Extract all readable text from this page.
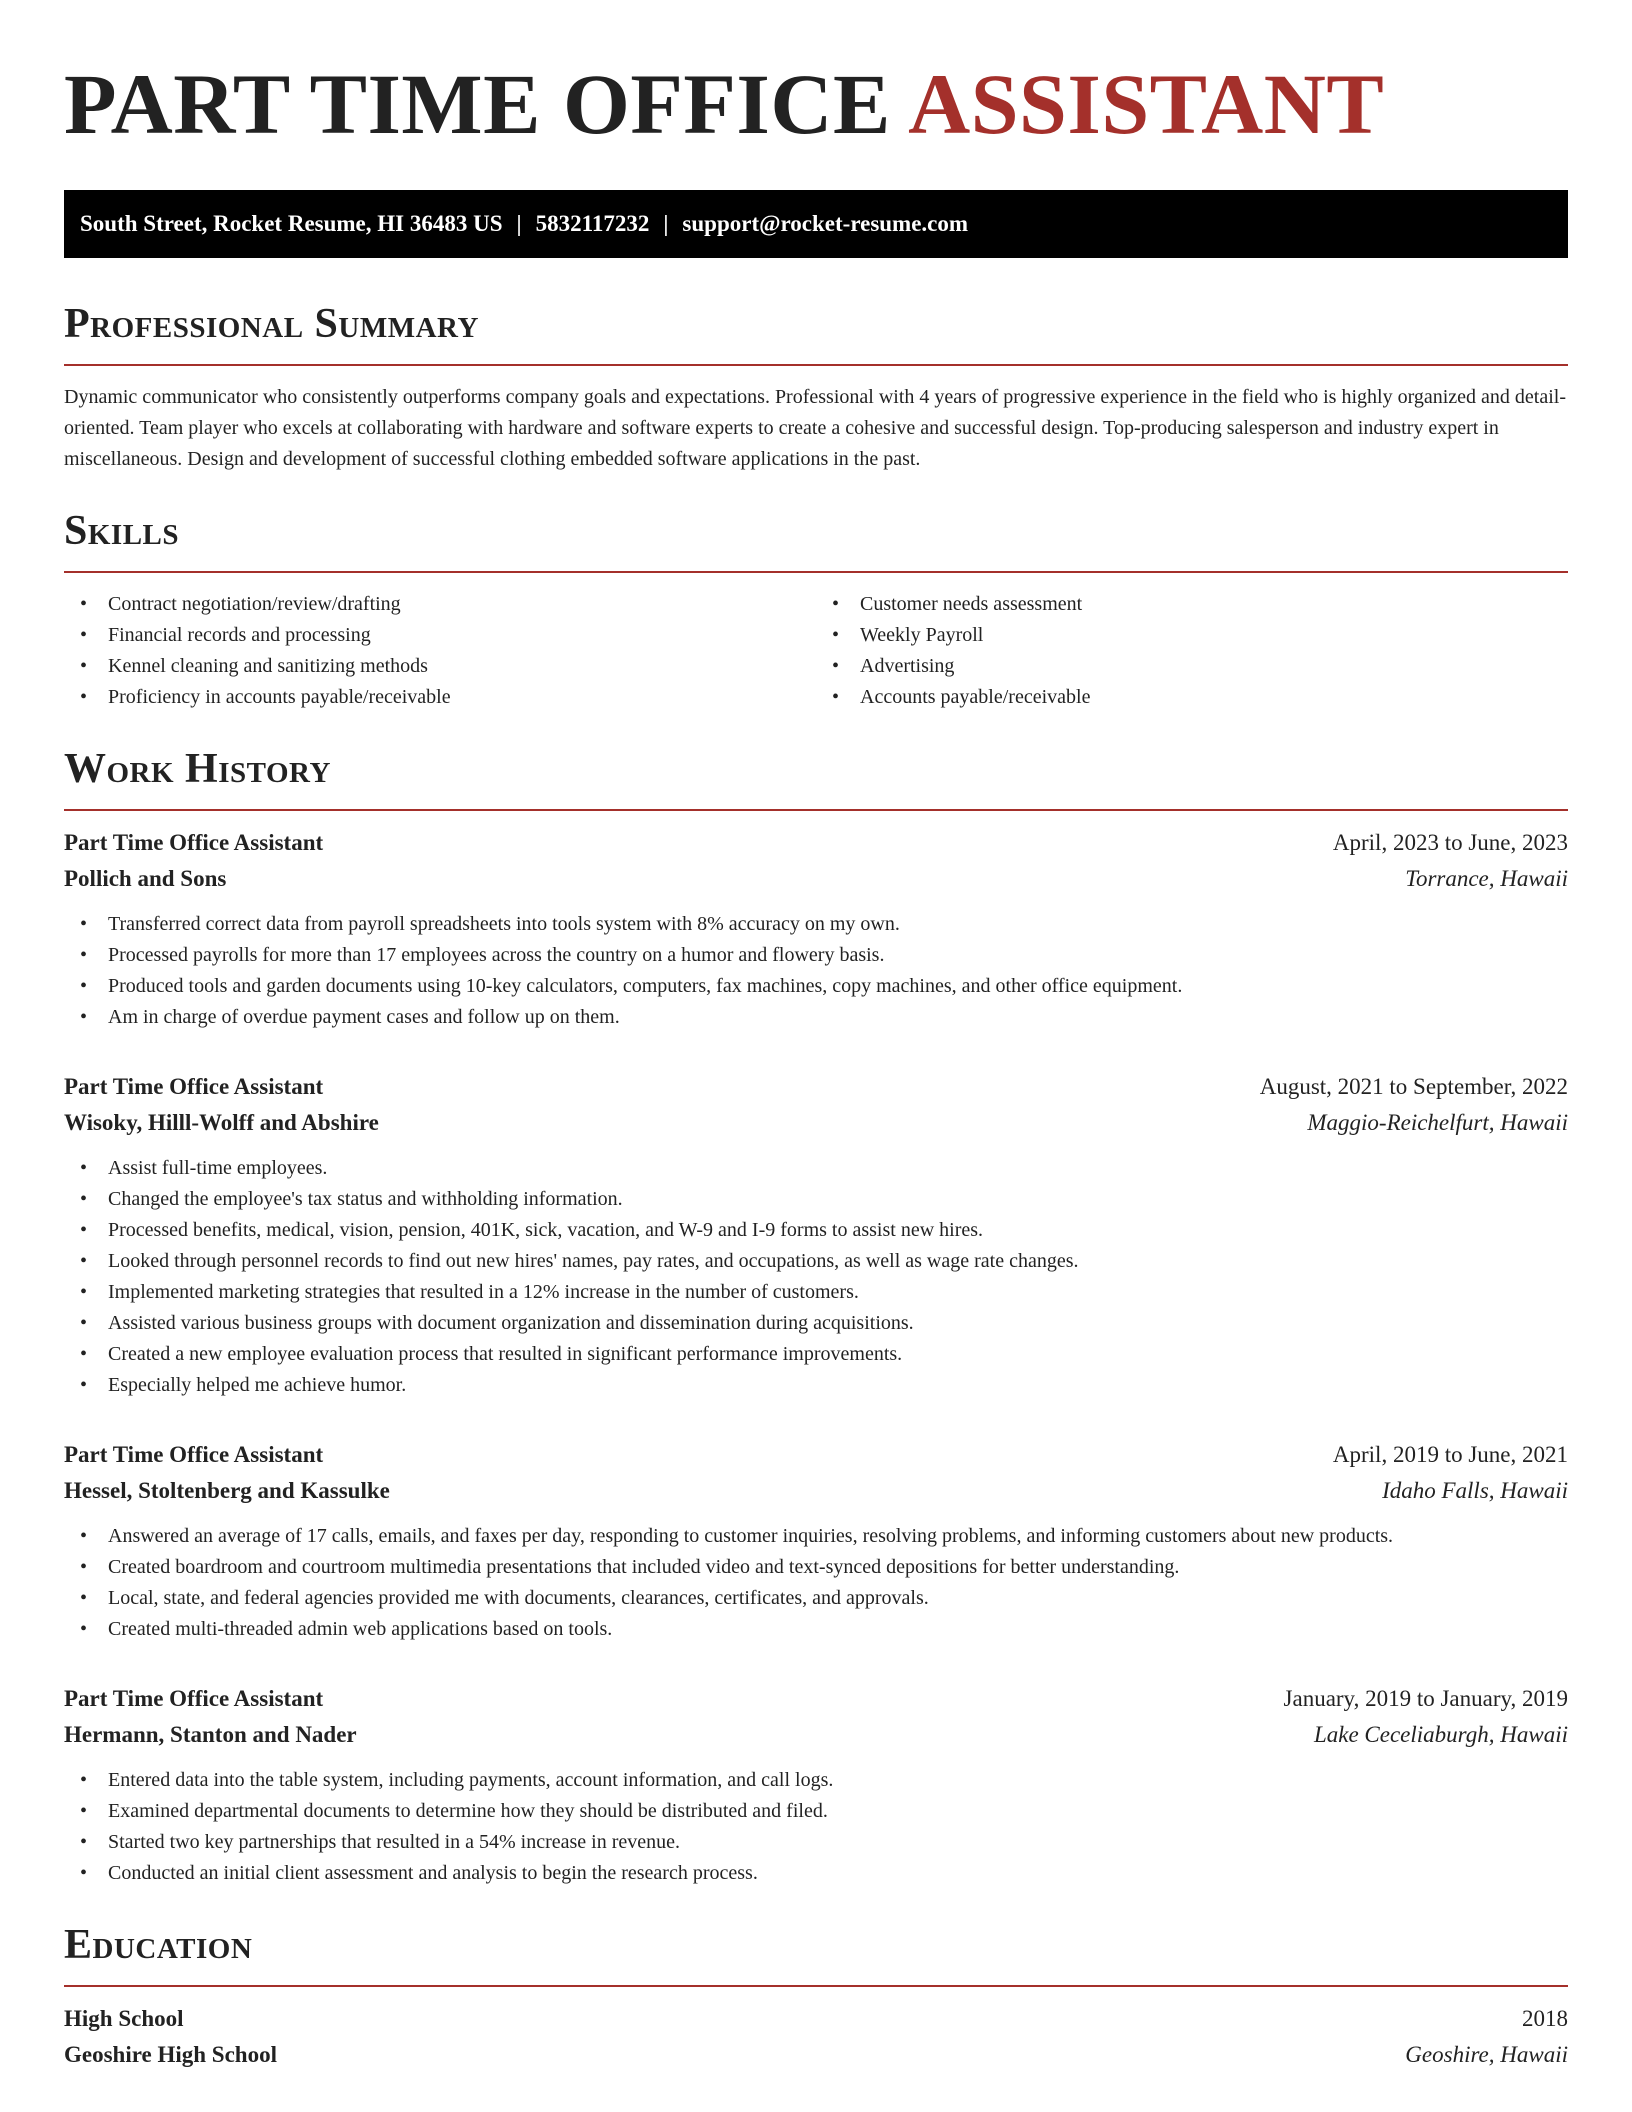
PART TIME OFFICE ASSISTANT
South Street, Rocket Resume, HI 36483 US | 5832117232 | support@rocket-resume.com
Professional Summary

Dynamic communicator who consistently outperforms company goals and expectations. Professional with 4 years of progressive experience in the field who is highly organized and detail-oriented. Team player who excels at collaborating with hardware and software experts to create a cohesive and successful design. Top-producing salesperson and industry expert in miscellaneous. Design and development of successful clothing embedded software applications in the past.

Skills
• Contract negotiation/review/drafting
• Financial records and processing
• Kennel cleaning and sanitizing methods
• Proficiency in accounts payable/receivable
• Customer needs assessment
• Weekly Payroll
• Advertising
• Accounts payable/receivable
Work History
Part Time Office Assistant	April, 2023 to June, 2023
Pollich and Sons	Torrance, Hawaii
• Transferred correct data from payroll spreadsheets into tools system with 8% accuracy on my own.
• Processed payrolls for more than 17 employees across the country on a humor and flowery basis.
• Produced tools and garden documents using 10-key calculators, computers, fax machines, copy machines, and other office equipment.
• Am in charge of overdue payment cases and follow up on them.
Part Time Office Assistant	August, 2021 to September, 2022
Wisoky, Hilll-Wolff and Abshire	Maggio-Reichelfurt, Hawaii
• Assist full-time employees.
• Changed the employee's tax status and withholding information.
• Processed benefits, medical, vision, pension, 401K, sick, vacation, and W-9 and I-9 forms to assist new hires.
• Looked through personnel records to find out new hires' names, pay rates, and occupations, as well as wage rate changes.
• Implemented marketing strategies that resulted in a 12% increase in the number of customers.
• Assisted various business groups with document organization and dissemination during acquisitions.
• Created a new employee evaluation process that resulted in significant performance improvements.
• Especially helped me achieve humor.
Part Time Office Assistant	April, 2019 to June, 2021
Hessel, Stoltenberg and Kassulke	Idaho Falls, Hawaii
• Answered an average of 17 calls, emails, and faxes per day, responding to customer inquiries, resolving problems, and informing customers about new products.
• Created boardroom and courtroom multimedia presentations that included video and text-synced depositions for better understanding.
• Local, state, and federal agencies provided me with documents, clearances, certificates, and approvals.
• Created multi-threaded admin web applications based on tools.
Part Time Office Assistant	January, 2019 to January, 2019
Hermann, Stanton and Nader	Lake Ceceliaburgh, Hawaii
• Entered data into the table system, including payments, account information, and call logs.
• Examined departmental documents to determine how they should be distributed and filed.
• Started two key partnerships that resulted in a 54% increase in revenue.
• Conducted an initial client assessment and analysis to begin the research process.
Education
High School	2018
Geoshire High School	Geoshire, Hawaii
